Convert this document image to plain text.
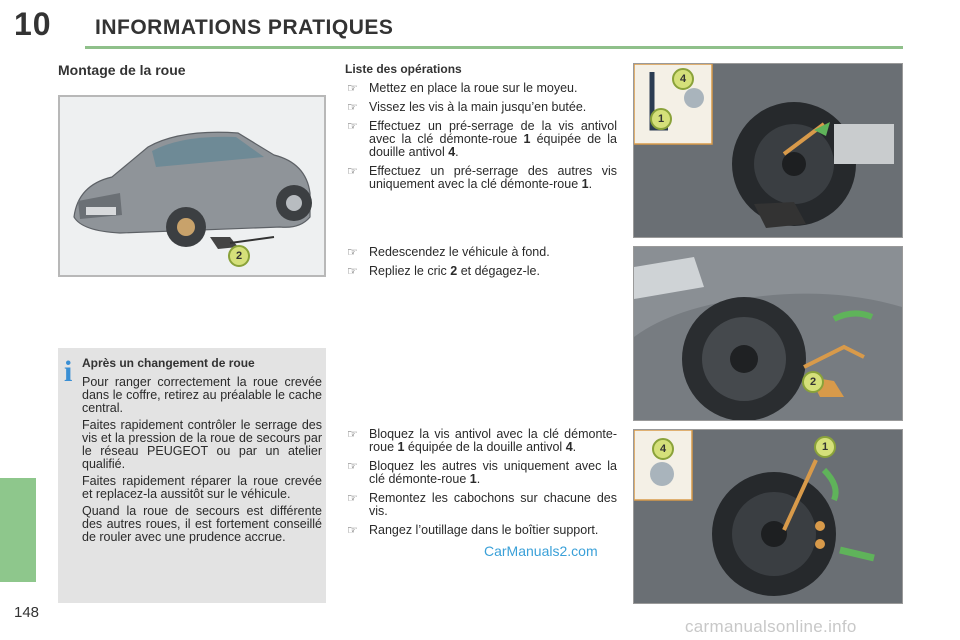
10 INFORMATIONS PRATIQUES
148
Montage de la roue
2
Liste des opérations
☞ Mettez en place la roue sur le moyeu.
☞ Vissez les vis à la main jusqu’en butée.
☞ Effectuez un pré-serrage de la vis antivol avec la clé démonte-roue 1 équipée de la douille antivol 4.
☞ Effectuez un pré-serrage des autres vis uniquement avec la clé démonte-roue 1.
☞ Redescendez le véhicule à fond.
☞ Repliez le cric 2 et dégagez-le.
☞ Bloquez la vis antivol avec la clé démonte-roue 1 équipée de la douille antivol 4.
☞ Bloquez les autres vis uniquement avec la clé démonte-roue 1.
☞ Remontez les cabochons sur chacune des vis.
☞ Rangez l’outillage dans le boîtier support.
i Après un changement de roue

Pour ranger correctement la roue crevée dans le coffre, retirez au préalable le cache central.

Faites rapidement contrôler le serrage des vis et la pression de la roue de secours par le réseau PEUGEOT ou par un atelier qualifié.

Faites rapidement réparer la roue crevée et replacez-la aussitôt sur le véhicule.

Quand la roue de secours est différente des autres roues, il est fortement conseillé de rouler avec une prudence accrue.

4
1
2
4	1
CarManuals2.com
carmanualsonline.info
